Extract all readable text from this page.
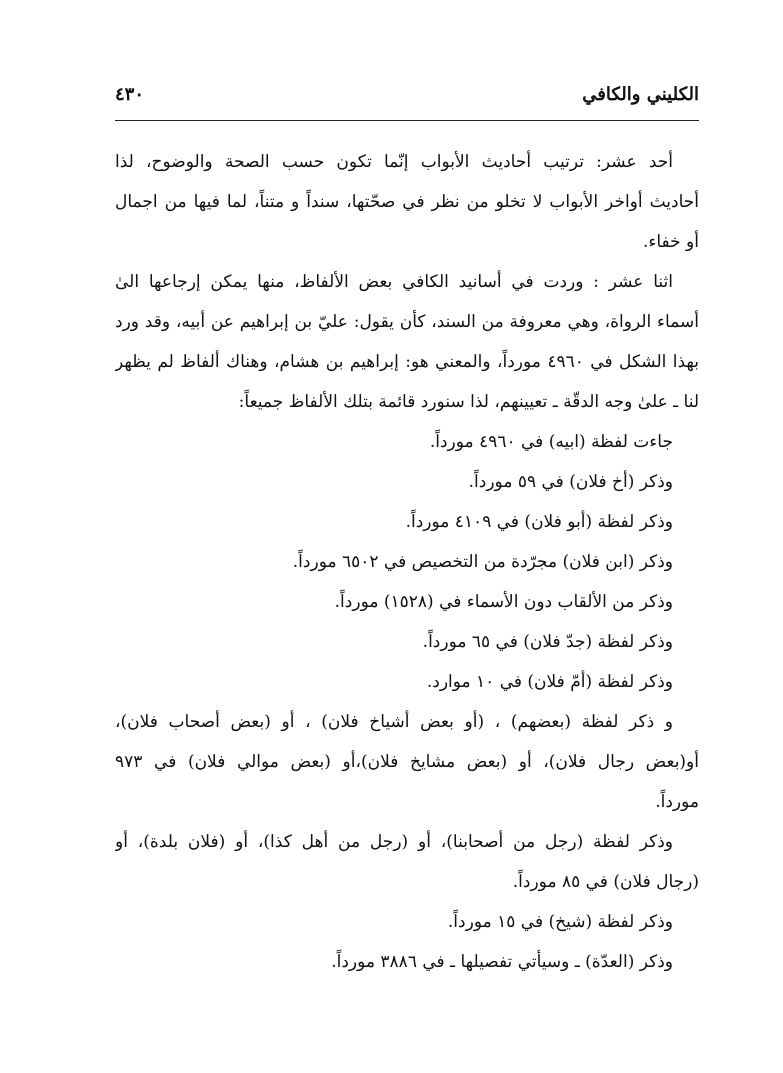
الكليني والكافي
٤٣٠
أحد عشر: ترتيب أحاديث الأبواب إنّما تكون حسب الصحة والوضوح، لذا
أحاديث أواخر الأبواب لا تخلو من نظر في صحّتها، سنداً و متناً، لما فيها من اجمال
أو خفاء.
اثنا عشر : وردت في أسانيد الكافي بعض الألفاظ، منها يمكن إرجاعها الىٰ
أسماء الرواة، وهي معروفة من السند، كأن يقول: عليّ بن إبراهيم عن أبيه، وقد ورد
بهذا الشكل في ٤٩٦٠ مورداً، والمعني هو: إبراهيم بن هشام، وهناك ألفاظ لم يظهر
لنا ـ علىٰ وجه الدقّة ـ تعيينهم، لذا سنورد قائمة بتلك الألفاظ جميعاً:
جاءت لفظة (ابيه) في ٤٩٦٠ مورداً.
وذكر (أخ فلان) في ٥٩ مورداً.
وذكر لفظة (أبو فلان) في ٤١٠٩ مورداً.
وذكر (ابن فلان) مجرّدة من التخصيص في ٦٥٠٢ مورداً.
وذكر من الألقاب دون الأسماء في (١٥٢٨) مورداً.
وذكر لفظة (جدّ فلان) في ٦٥ مورداً.
وذكر لفظة (أمّ فلان) في ١٠ موارد.
و ذكر لفظة (بعضهم) ، (أو بعض أشياخ فلان) ، أو (بعض أصحاب فلان)،
أو(بعض رجال فلان)، أو (بعض مشايخ فلان)،أو (بعض موالي فلان) في ٩٧٣
مورداً.
وذكر لفظة (رجل من أصحابنا)، أو (رجل من أهل كذا)، أو (فلان بلدة)، أو
(رجال فلان) في ٨٥ مورداً.
وذكر لفظة (شيخ) في ١٥ مورداً.
وذكر (العدّة) ـ وسيأتي تفصيلها ـ في ٣٨٨٦ مورداً.
